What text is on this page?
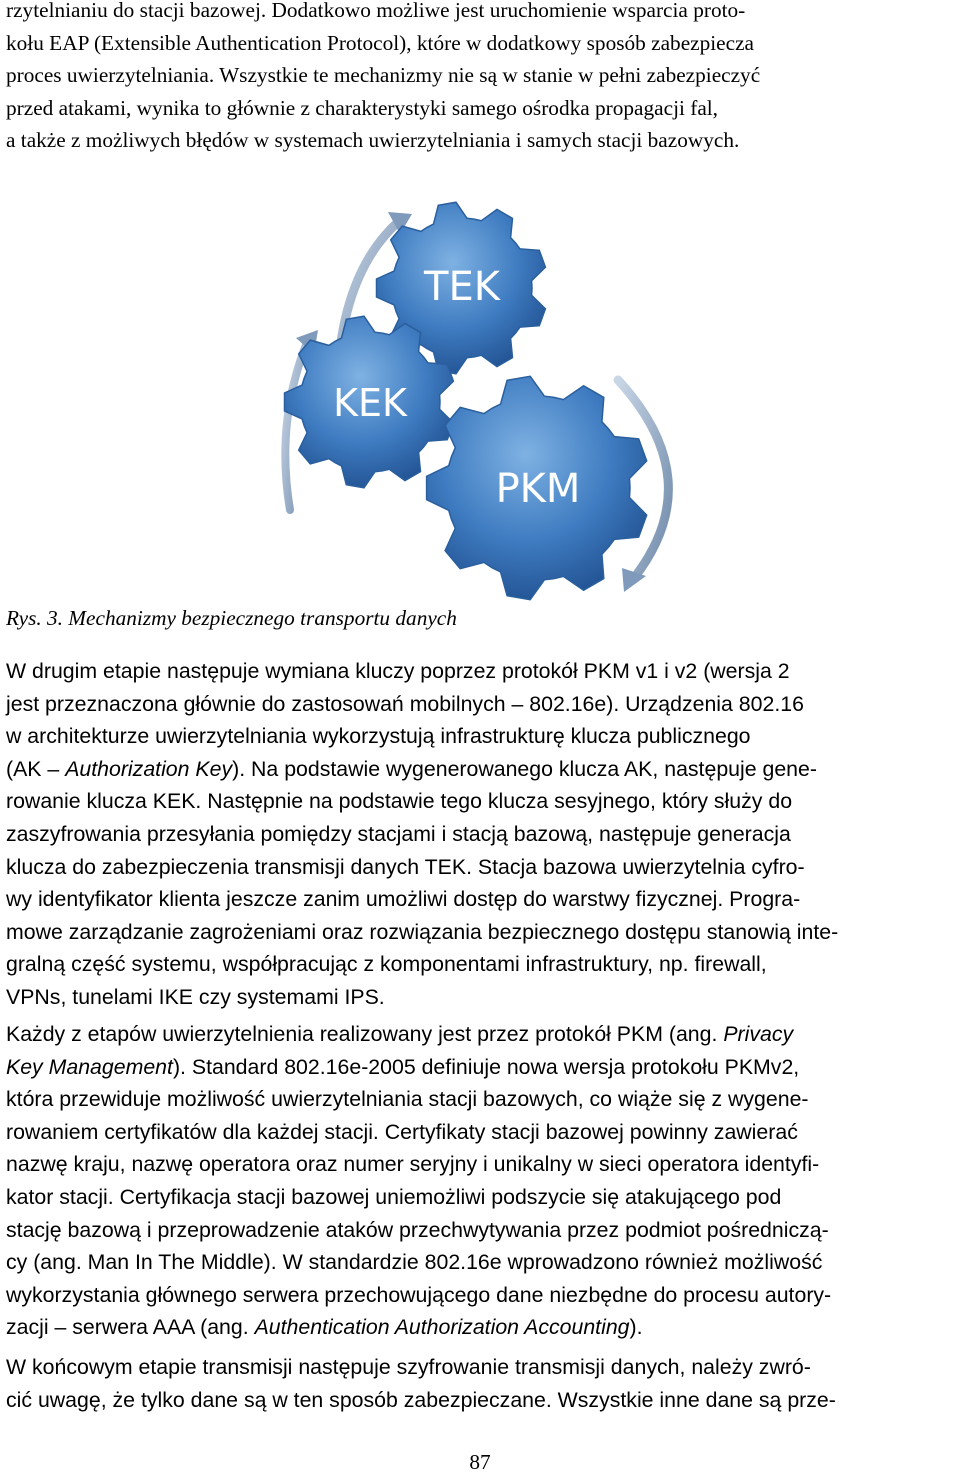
rzytelnianiu do stacji bazowej. Dodatkowo możliwe jest uruchomienie wsparcia proto-
kołu EAP (Extensible Authentication Protocol), które w dodatkowy sposób zabezpiecza
proces uwierzytelniania. Wszystkie te mechanizmy nie są w stanie w pełni zabezpieczyć
przed atakami, wynika to głównie z charakterystyki samego ośrodka propagacji fal,
a także z możliwych błędów w systemach uwierzytelniania i samych stacji bazowych.
TEK
KEK
PKM
Rys. 3. Mechanizmy bezpiecznego transportu danych
W drugim etapie następuje wymiana kluczy poprzez protokół PKM v1 i v2 (wersja 2
jest przeznaczona głównie do zastosowań mobilnych – 802.16e). Urządzenia 802.16
w architekturze uwierzytelniania wykorzystują infrastrukturę klucza publicznego
(AK – Authorization Key). Na podstawie wygenerowanego klucza AK, następuje gene-
rowanie klucza KEK. Następnie na podstawie tego klucza sesyjnego, który służy do
zaszyfrowania przesyłania pomiędzy stacjami i stacją bazową, następuje generacja
klucza do zabezpieczenia transmisji danych TEK. Stacja bazowa uwierzytelnia cyfro-
wy identyfikator klienta jeszcze zanim umożliwi dostęp do warstwy fizycznej. Progra-
mowe zarządzanie zagrożeniami oraz rozwiązania bezpiecznego dostępu stanowią inte-
gralną część systemu, współpracując z komponentami infrastruktury, np. firewall,
VPNs, tunelami IKE czy systemami IPS.
Każdy z etapów uwierzytelnienia realizowany jest przez protokół PKM (ang. Privacy
Key Management). Standard 802.16e-2005 definiuje nowa wersja protokołu PKMv2,
która przewiduje możliwość uwierzytelniania stacji bazowych, co wiąże się z wygene-
rowaniem certyfikatów dla każdej stacji. Certyfikaty stacji bazowej powinny zawierać
nazwę kraju, nazwę operatora oraz numer seryjny i unikalny w sieci operatora identyfi-
kator stacji. Certyfikacja stacji bazowej uniemożliwi podszycie się atakującego pod
stację bazową i przeprowadzenie ataków przechwytywania przez podmiot pośredniczą-
cy (ang. Man In The Middle). W standardzie 802.16e wprowadzono również możliwość
wykorzystania głównego serwera przechowującego dane niezbędne do procesu autory-
zacji – serwera AAA (ang. Authentication Authorization Accounting).
W końcowym etapie transmisji następuje szyfrowanie transmisji danych, należy zwró-
cić uwagę, że tylko dane są w ten sposób zabezpieczane. Wszystkie inne dane są prze-
87
